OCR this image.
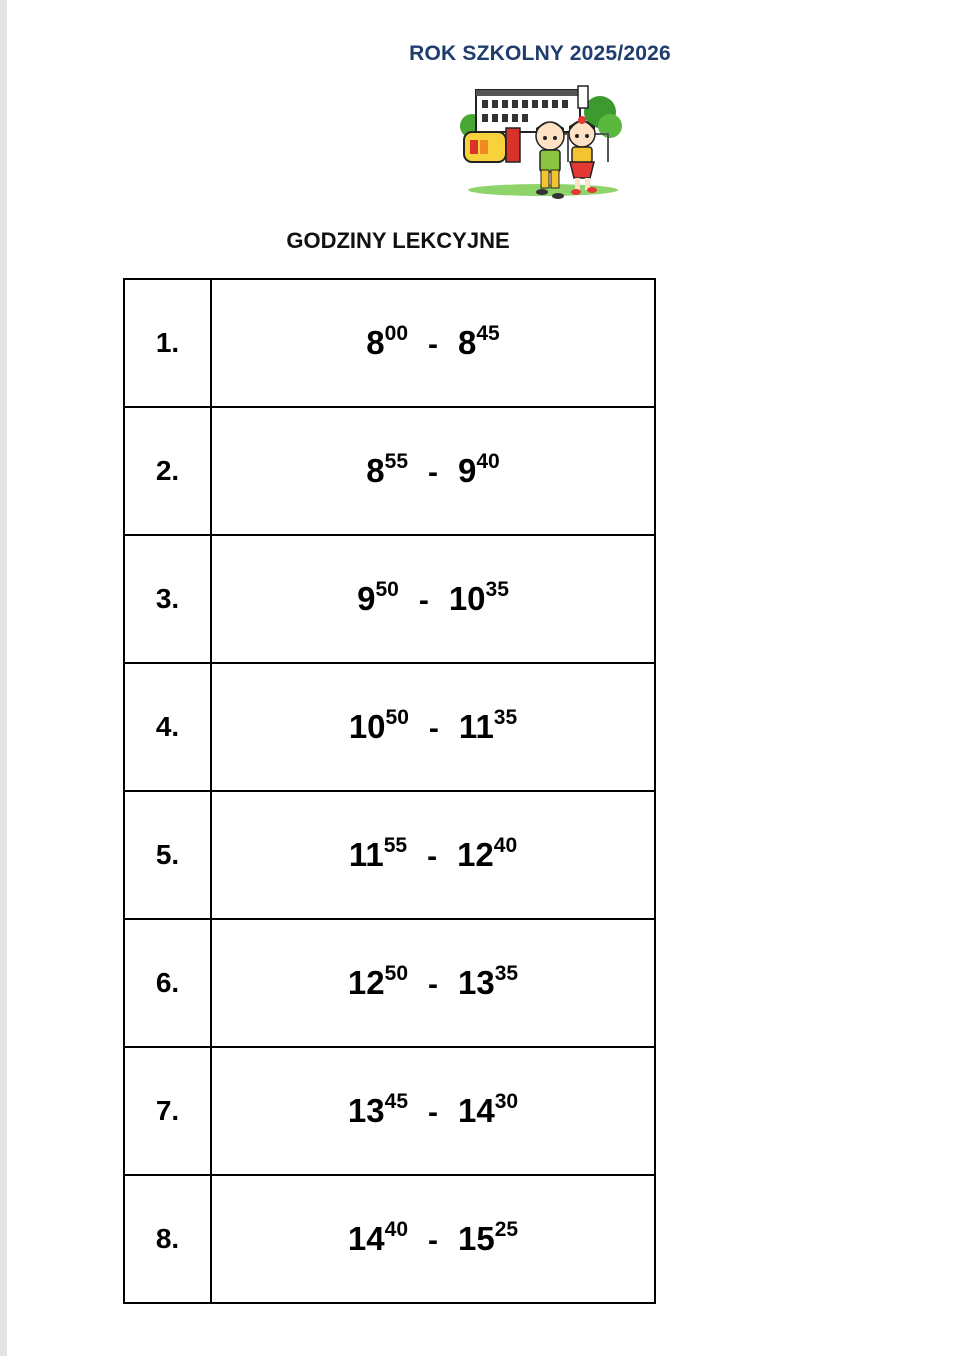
ROK SZKOLNY 2025/2026
GODZINY LEKCYJNE
1.	$8^{00} - 8^{45}$
2.	$8^{55} - 9^{40}$
3.	$9^{50} - 10^{35}$
4.	$10^{50} - 11^{35}$
5.	$11^{55} - 12^{40}$
6.	$12^{50} - 13^{35}$
7.	$13^{45} - 14^{30}$
8.	$14^{40} - 15^{25}$
